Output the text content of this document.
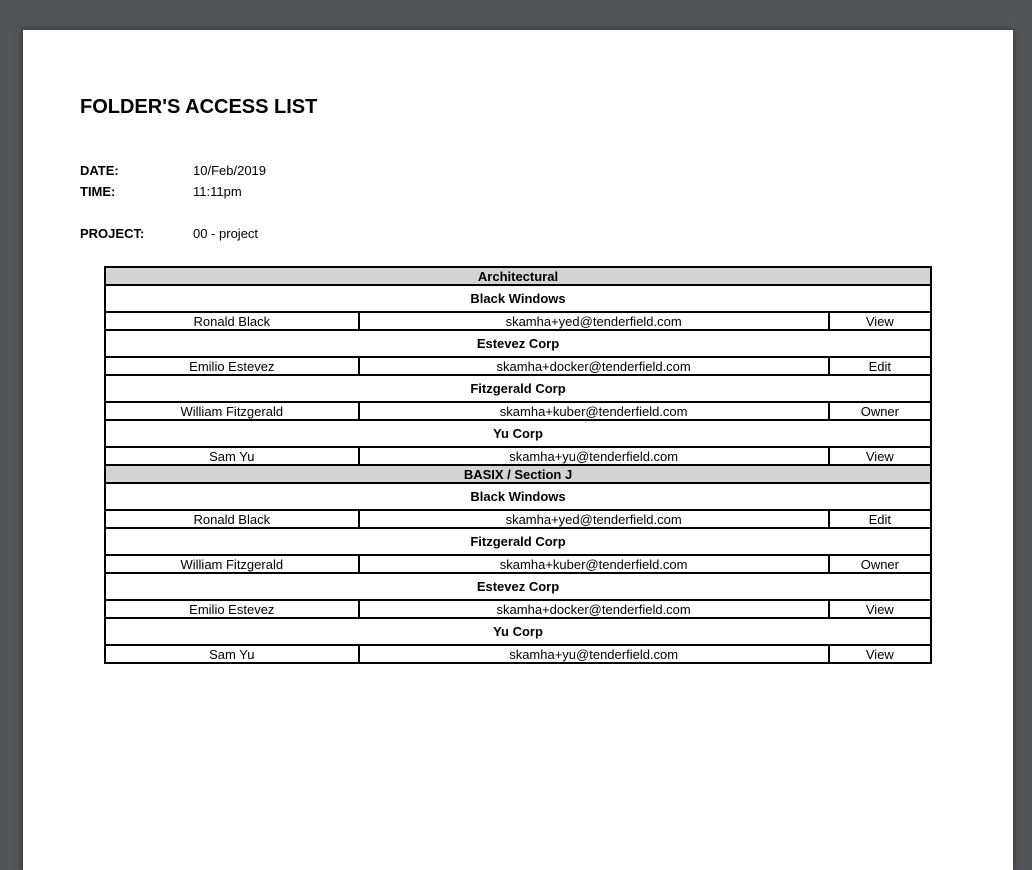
FOLDER'S ACCESS LIST
DATE:	10/Feb/2019
TIME:	11:11pm
PROJECT:	00 - project
Architectural		
Black Windows		
Ronald Black	skamha+yed@tenderfield.com	View
Estevez Corp		
Emilio Estevez	skamha+docker@tenderfield.com	Edit
Fitzgerald Corp		
William Fitzgerald	skamha+kuber@tenderfield.com	Owner
Yu Corp		
Sam Yu	skamha+yu@tenderfield.com	View
BASIX / Section J		
Black Windows		
Ronald Black	skamha+yed@tenderfield.com	Edit
Fitzgerald Corp		
William Fitzgerald	skamha+kuber@tenderfield.com	Owner
Estevez Corp		
Emilio Estevez	skamha+docker@tenderfield.com	View
Yu Corp		
Sam Yu	skamha+yu@tenderfield.com	View
